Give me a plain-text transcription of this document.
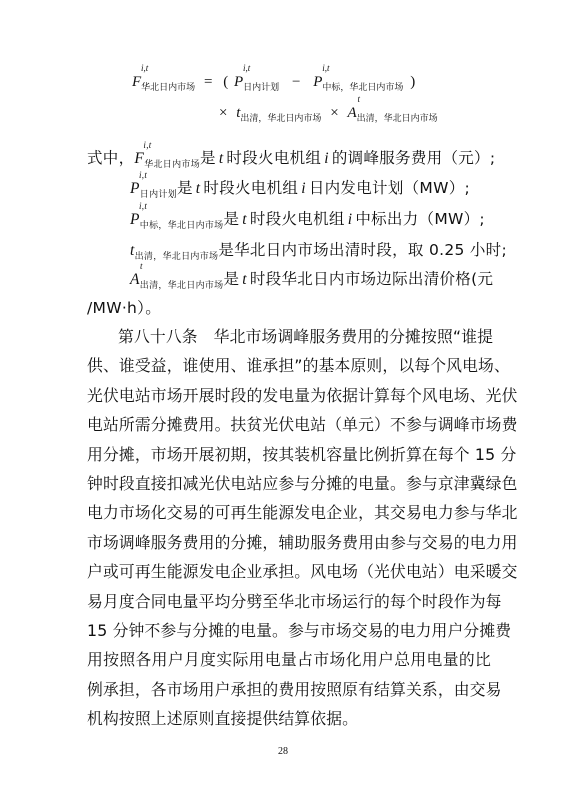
F
i,t
$_{华北日内市场}$ = ( P
i,t
$_{日内计划}$ − P
i,t
$_{中标,华北日内市场}$ )
× $t_{出清,华北日内市场} \times A$
t
$_{出清,华北日内市场}$
式中，F
i,t
$_{华北日内市场}$是 t 时段火电机组 i 的调峰服务费用（元）;
P
i,t
$_{日内计划}$是 t 时段火电机组 i 日内发电计划（MW）;
P
i,t
$_{中标,华北日内市场}$是 t 时段火电机组 i 中标出力（MW）;
$t_{出清,华北日内市场}$是华北日内市场出清时段，取 0.25 小时;
A
t
$_{出清,华北日内市场}$是 t 时段华北日内市场边际出清价格(元
/MW·h）。
第八十八条　华北市场调峰服务费用的分摊按照“谁提
供、谁受益，谁使用、谁承担”的基本原则，以每个风电场、
光伏电站市场开展时段的发电量为依据计算每个风电场、光伏
电站所需分摊费用。扶贫光伏电站（单元）不参与调峰市场费
用分摊，市场开展初期，按其装机容量比例折算在每个 15 分
钟时段直接扣减光伏电站应参与分摊的电量。参与京津冀绿色
电力市场化交易的可再生能源发电企业，其交易电力参与华北
市场调峰服务费用的分摊，辅助服务费用由参与交易的电力用
户或可再生能源发电企业承担。风电场（光伏电站）电采暖交
易月度合同电量平均分劈至华北市场运行的每个时段作为每
15 分钟不参与分摊的电量。参与市场交易的电力用户分摊费
用按照各用户月度实际用电量占市场化用户总用电量的比
例承担，各市场用户承担的费用按照原有结算关系，由交易
机构按照上述原则直接提供结算依据。
28
